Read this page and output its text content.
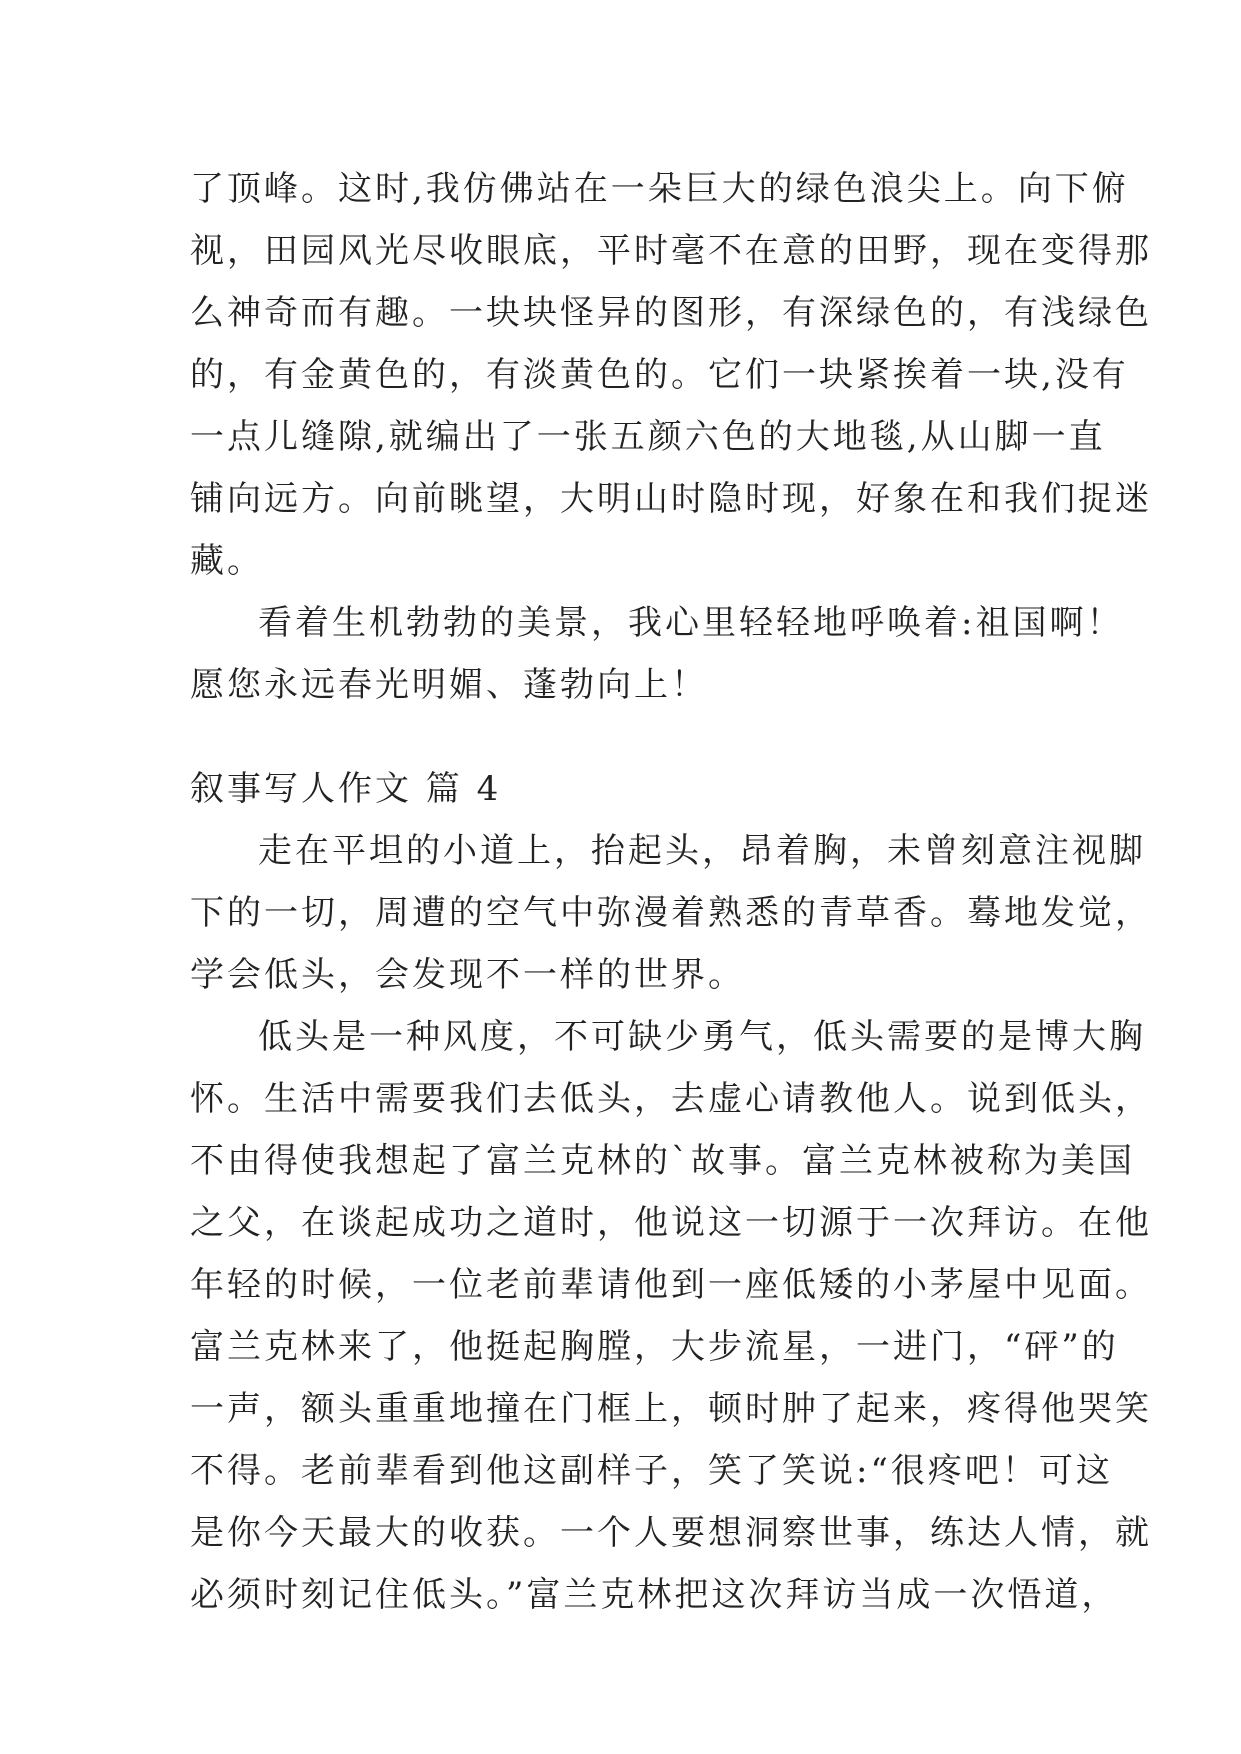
了顶峰。这时,我仿佛站在一朵巨大的绿色浪尖上。向下俯
视，田园风光尽收眼底，平时毫不在意的田野，现在变得那
么神奇而有趣。一块块怪异的图形，有深绿色的，有浅绿色
的，有金黄色的，有淡黄色的。它们一块紧挨着一块,没有
一点儿缝隙,就编出了一张五颜六色的大地毯,从山脚一直
铺向远方。向前眺望，大明山时隐时现，好象在和我们捉迷
藏。
看着生机勃勃的美景，我心里轻轻地呼唤着:祖国啊！
愿您永远春光明媚、蓬勃向上！
叙事写人作文 篇 4
走在平坦的小道上，抬起头，昂着胸，未曾刻意注视脚
下的一切，周遭的空气中弥漫着熟悉的青草香。蓦地发觉，
学会低头，会发现不一样的世界。
低头是一种风度，不可缺少勇气，低头需要的是博大胸
怀。生活中需要我们去低头，去虚心请教他人。说到低头，
不由得使我想起了富兰克林的`故事。富兰克林被称为美国
之父，在谈起成功之道时，他说这一切源于一次拜访。在他
年轻的时候，一位老前辈请他到一座低矮的小茅屋中见面。
富兰克林来了，他挺起胸膛，大步流星，一进门，“砰”的
一声，额头重重地撞在门框上，顿时肿了起来，疼得他哭笑
不得。老前辈看到他这副样子，笑了笑说:“很疼吧！可这
是你今天最大的收获。一个人要想洞察世事，练达人情，就
必须时刻记住低头。”富兰克林把这次拜访当成一次悟道，
